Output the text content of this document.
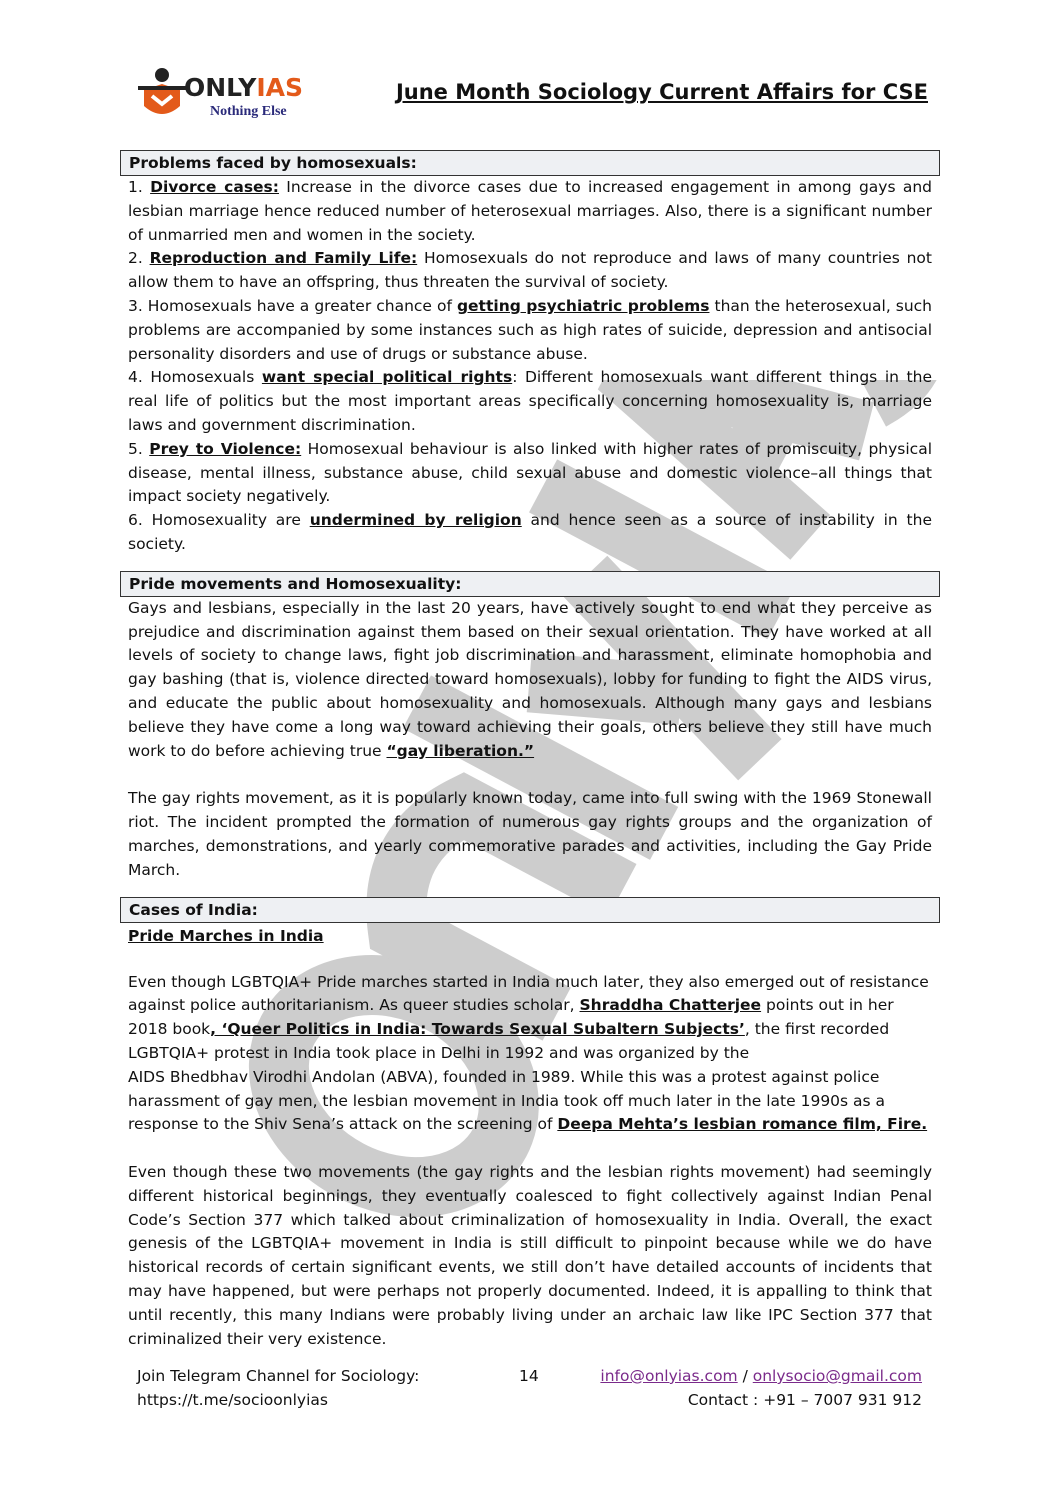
ONLYIAS
Nothing Else
June Month Sociology Current Affairs for CSE
Problems faced by homosexuals:

1. Divorce cases: Increase in the divorce cases due to increased engagement in among gays and lesbian marriage hence reduced number of heterosexual marriages. Also, there is a significant number of unmarried men and women in the society.

2. Reproduction and Family Life: Homosexuals do not reproduce and laws of many countries not allow them to have an offspring, thus threaten the survival of society.

3. Homosexuals have a greater chance of getting psychiatric problems than the heterosexual, such problems are accompanied by some instances such as high rates of suicide, depression and antisocial personality disorders and use of drugs or substance abuse.

4. Homosexuals want special political rights: Different homosexuals want different things in the real life of politics but the most important areas specifically concerning homosexuality is, marriage laws and government discrimination.

5. Prey to Violence: Homosexual behaviour is also linked with higher rates of promiscuity, physical disease, mental illness, substance abuse, child sexual abuse and domestic violence–all things that impact society negatively.

6. Homosexuality are undermined by religion and hence seen as a source of instability in the society.

Pride movements and Homosexuality:

Gays and lesbians, especially in the last 20 years, have actively sought to end what they perceive as prejudice and discrimination against them based on their sexual orientation. They have worked at all levels of society to change laws, fight job discrimination and harassment, eliminate homophobia and gay bashing (that is, violence directed toward homosexuals), lobby for funding to fight the AIDS virus, and educate the public about homosexuality and homosexuals. Although many gays and lesbians believe they have come a long way toward achieving their goals, others believe they still have much work to do before achieving true “gay liberation.”

The gay rights movement, as it is popularly known today, came into full swing with the 1969 Stonewall riot. The incident prompted the formation of numerous gay rights groups and the organization of marches, demonstrations, and yearly commemorative parades and activities, including the Gay Pride March.

Cases of India:
Pride Marches in India

Even though LGBTQIA+ Pride marches started in India much later, they also emerged out of resistance against police authoritarianism. As queer studies scholar, Shraddha Chatterjee points out in her 2018 book, ‘Queer Politics in India: Towards Sexual Subaltern Subjects’, the first recorded LGBTQIA+ protest in India took place in Delhi in 1992 and was organized by the
AIDS Bhedbhav Virodhi Andolan (ABVA), founded in 1989. While this was a protest against police harassment of gay men, the lesbian movement in India took off much later in the late 1990s as a response to the Shiv Sena’s attack on the screening of Deepa Mehta’s lesbian romance film, Fire.

Even though these two movements (the gay rights and the lesbian rights movement) had seemingly different historical beginnings, they eventually coalesced to fight collectively against Indian Penal Code’s Section 377 which talked about criminalization of homosexuality in India. Overall, the exact genesis of the LGBTQIA+ movement in India is still difficult to pinpoint because while we do have historical records of certain significant events, we still don’t have detailed accounts of incidents that may have happened, but were perhaps not properly documented. Indeed, it is appalling to think that until recently, this many Indians were probably living under an archaic law like IPC Section 377 that criminalized their very existence.

Join Telegram Channel for Sociology:
https://t.me/socioonlyias
14	info@onlyias.com / onlysocio@gmail.com
Contact : +91 – 7007 931 912
